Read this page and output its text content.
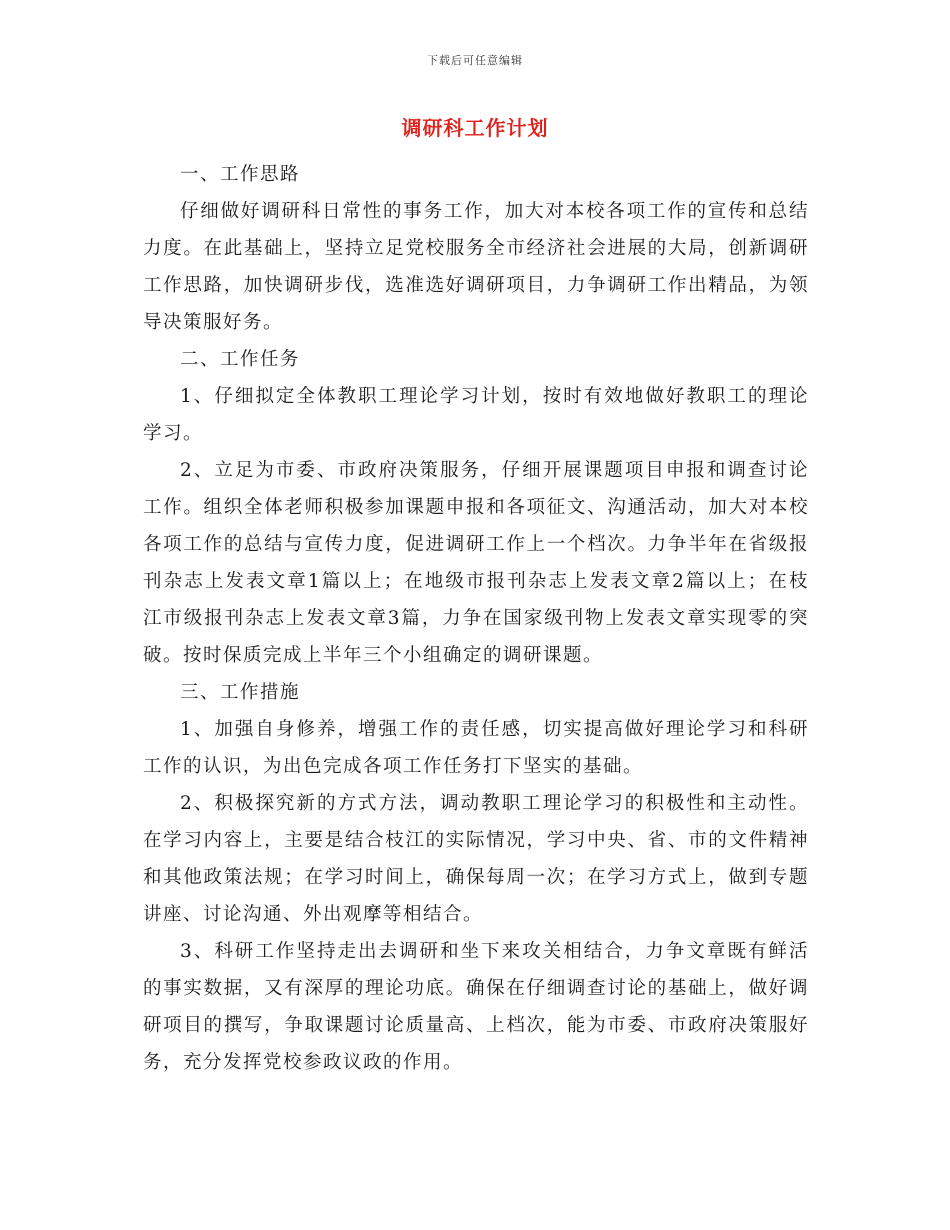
下载后可任意编辑
调研科工作计划

一、工作思路

仔细做好调研科日常性的事务工作，加大对本校各项工作的宣传和总结力度。在此基础上，坚持立足党校服务全市经济社会进展的大局，创新调研工作思路，加快调研步伐，选准选好调研项目，力争调研工作出精品，为领导决策服好务。

二、工作任务

1、仔细拟定全体教职工理论学习计划，按时有效地做好教职工的理论学习。

2、立足为市委、市政府决策服务，仔细开展课题项目申报和调查讨论工作。组织全体老师积极参加课题申报和各项征文、沟通活动，加大对本校各项工作的总结与宣传力度，促进调研工作上一个档次。力争半年在省级报刊杂志上发表文章1篇以上；在地级市报刊杂志上发表文章2篇以上；在枝江市级报刊杂志上发表文章3篇，力争在国家级刊物上发表文章实现零的突破。按时保质完成上半年三个小组确定的调研课题。

三、工作措施

1、加强自身修养，增强工作的责任感，切实提高做好理论学习和科研工作的认识，为出色完成各项工作任务打下坚实的基础。

2、积极探究新的方式方法，调动教职工理论学习的积极性和主动性。在学习内容上，主要是结合枝江的实际情况，学习中央、省、市的文件精神和其他政策法规；在学习时间上，确保每周一次；在学习方式上，做到专题讲座、讨论沟通、外出观摩等相结合。

3、科研工作坚持走出去调研和坐下来攻关相结合，力争文章既有鲜活的事实数据，又有深厚的理论功底。确保在仔细调查讨论的基础上，做好调研项目的撰写，争取课题讨论质量高、上档次，能为市委、市政府决策服好务，充分发挥党校参政议政的作用。
